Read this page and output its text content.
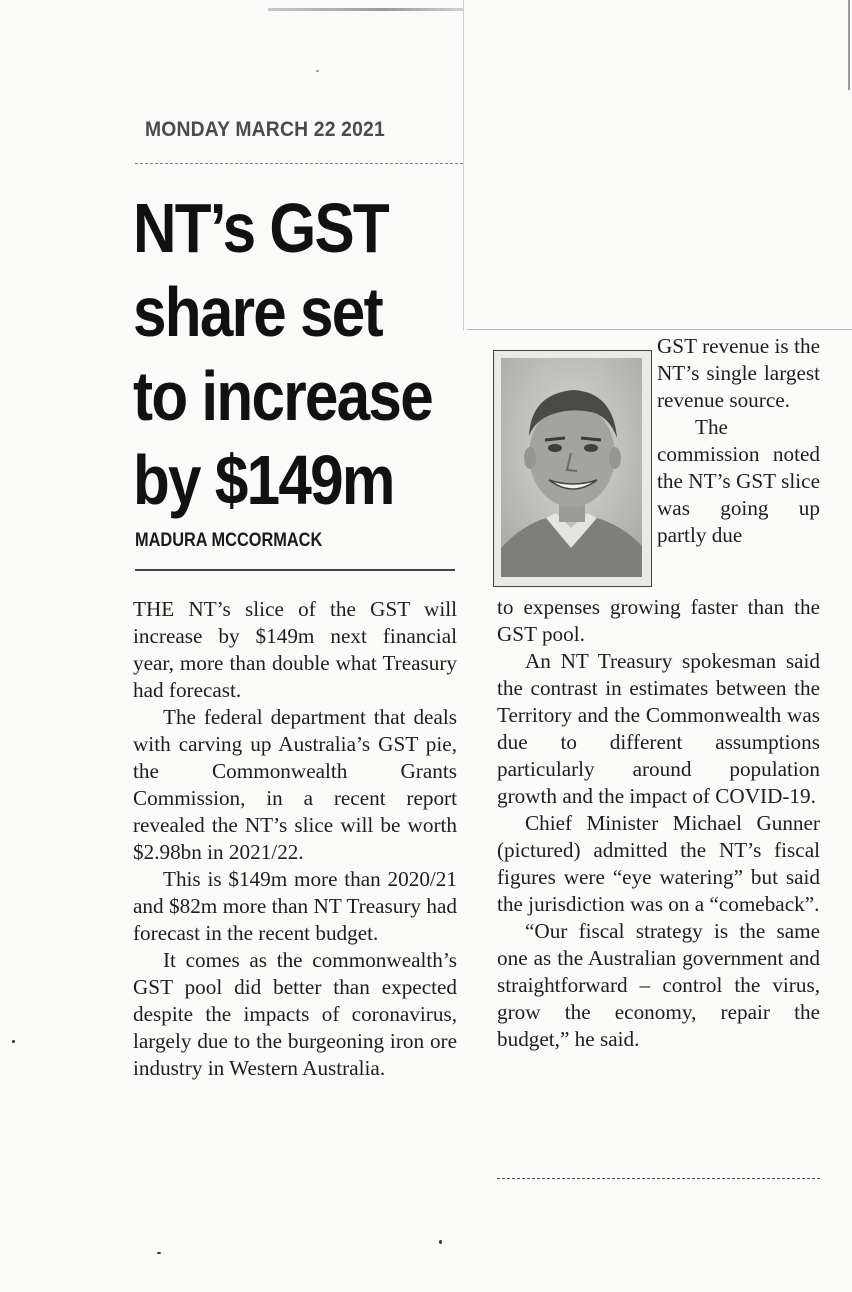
MONDAY MARCH 22 2021
NT’s GST
share set
to increase
by $149m
MADURA MCCORMACK

THE NT’s slice of the GST will increase by $149m next financial year, more than double what Treasury had forecast.

The federal department that deals with carving up Australia’s GST pie, the Commonwealth Grants Commission, in a recent report revealed the NT’s slice will be worth $2.98bn in 2021/22.

This is $149m more than 2020/21 and $82m more than NT Treasury had forecast in the recent budget.

It comes as the commonwealth’s GST pool did better than expected despite the impacts of coronavirus, largely due to the burgeoning iron ore industry in Western Australia.

GST revenue is the NT’s single largest revenue source.

The commission noted the NT’s GST slice was going up partly due

to expenses growing faster than the GST pool.

An NT Treasury spokesman said the contrast in estimates between the Territory and the Commonwealth was due to different assumptions particularly around population growth and the impact of COVID-19.

Chief Minister Michael Gunner (pictured) admitted the NT’s fiscal figures were “eye watering” but said the jurisdiction was on a “comeback”.

“Our fiscal strategy is the same one as the Australian government and straightforward – control the virus, grow the economy, repair the budget,” he said.
